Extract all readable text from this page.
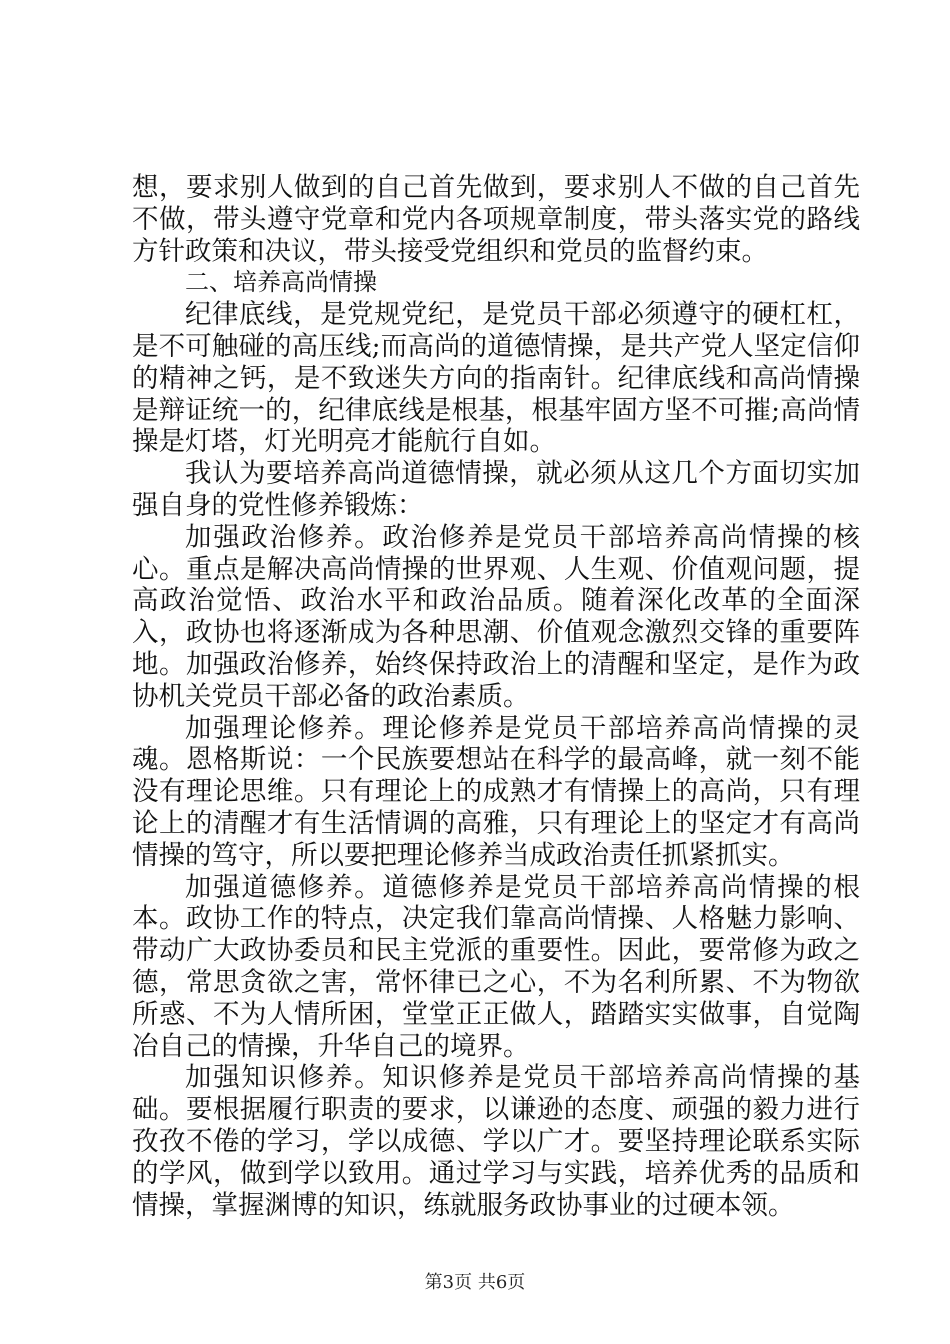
想，要求别人做到的自己首先做到，要求别人不做的自己首先不做，带头遵守党章和党内各项规章制度，带头落实党的路线方针政策和决议，带头接受党组织和党员的监督约束。

二、培养高尚情操

纪律底线，是党规党纪，是党员干部必须遵守的硬杠杠，是不可触碰的高压线;而高尚的道德情操，是共产党人坚定信仰的精神之钙，是不致迷失方向的指南针。纪律底线和高尚情操是辩证统一的，纪律底线是根基，根基牢固方坚不可摧;高尚情操是灯塔，灯光明亮才能航行自如。

我认为要培养高尚道德情操，就必须从这几个方面切实加强自身的党性修养锻炼：

加强政治修养。政治修养是党员干部培养高尚情操的核心。重点是解决高尚情操的世界观、人生观、价值观问题，提高政治觉悟、政治水平和政治品质。随着深化改革的全面深入，政协也将逐渐成为各种思潮、价值观念激烈交锋的重要阵地。加强政治修养，始终保持政治上的清醒和坚定，是作为政协机关党员干部必备的政治素质。

加强理论修养。理论修养是党员干部培养高尚情操的灵魂。恩格斯说：一个民族要想站在科学的最高峰，就一刻不能没有理论思维。只有理论上的成熟才有情操上的高尚，只有理论上的清醒才有生活情调的高雅，只有理论上的坚定才有高尚情操的笃守，所以要把理论修养当成政治责任抓紧抓实。

加强道德修养。道德修养是党员干部培养高尚情操的根本。政协工作的特点，决定我们靠高尚情操、人格魅力影响、带动广大政协委员和民主党派的重要性。因此，要常修为政之德，常思贪欲之害，常怀律已之心，不为名利所累、不为物欲所惑、不为人情所困，堂堂正正做人，踏踏实实做事，自觉陶冶自己的情操，升华自己的境界。

加强知识修养。知识修养是党员干部培养高尚情操的基础。要根据履行职责的要求，以谦逊的态度、顽强的毅力进行孜孜不倦的学习，学以成德、学以广才。要坚持理论联系实际的学风，做到学以致用。通过学习与实践，培养优秀的品质和情操，掌握渊博的知识，练就服务政协事业的过硬本领。

第3页 共6页
